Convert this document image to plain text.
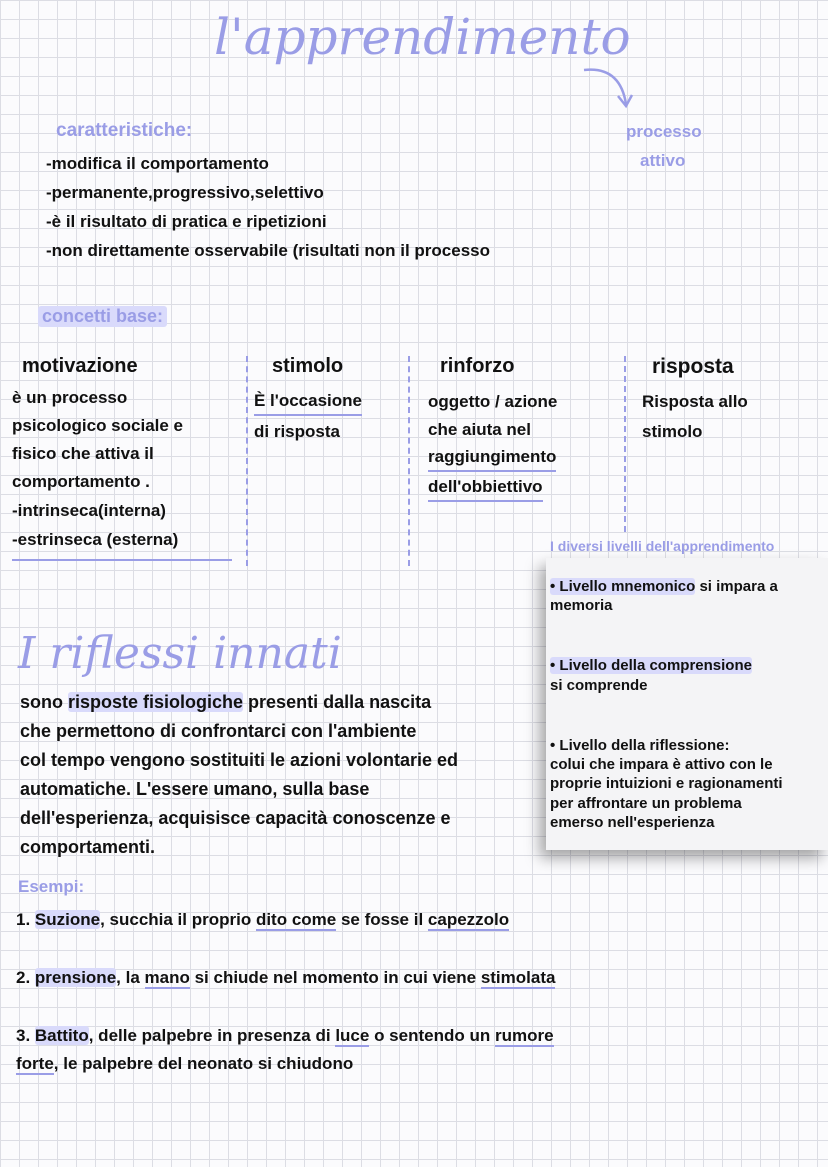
l'apprendimento
processo
attivo
caratteristiche:
-modifica il comportamento
-permanente,progressivo,selettivo
-è il risultato di pratica e ripetizioni
-non direttamente osservabile (risultati non il processo
concetti base:
motivazione
è un processo
psicologico sociale e
fisico che attiva il
comportamento .
-intrinseca(interna)
-estrinseca (esterna)
stimolo
È l'occasione
di risposta
rinforzo
oggetto / azione
che aiuta nel
raggiungimento
dell'obbiettivo
risposta
Risposta allo
stimolo
I diversi livelli dell'apprendimento
• Livello mnemonico si impara a
memoria
• Livello della comprensione
si comprende
• Livello della riflessione:
colui che impara è attivo con le
proprie intuizioni e ragionamenti
per affrontare un problema
emerso nell'esperienza
I riflessi innati
sono risposte fisiologiche presenti dalla nascita
che permettono di confrontarci con l'ambiente
col tempo vengono sostituiti le azioni volontarie ed
automatiche. L'essere umano, sulla base
dell'esperienza, acquisisce capacità conoscenze e
comportamenti.
Esempi:
1. Suzione, succhia il proprio dito come se fosse il capezzolo
2. prensione, la mano si chiude nel momento in cui viene stimolata
3. Battito, delle palpebre in presenza di luce o sentendo un rumore
forte, le palpebre del neonato si chiudono
